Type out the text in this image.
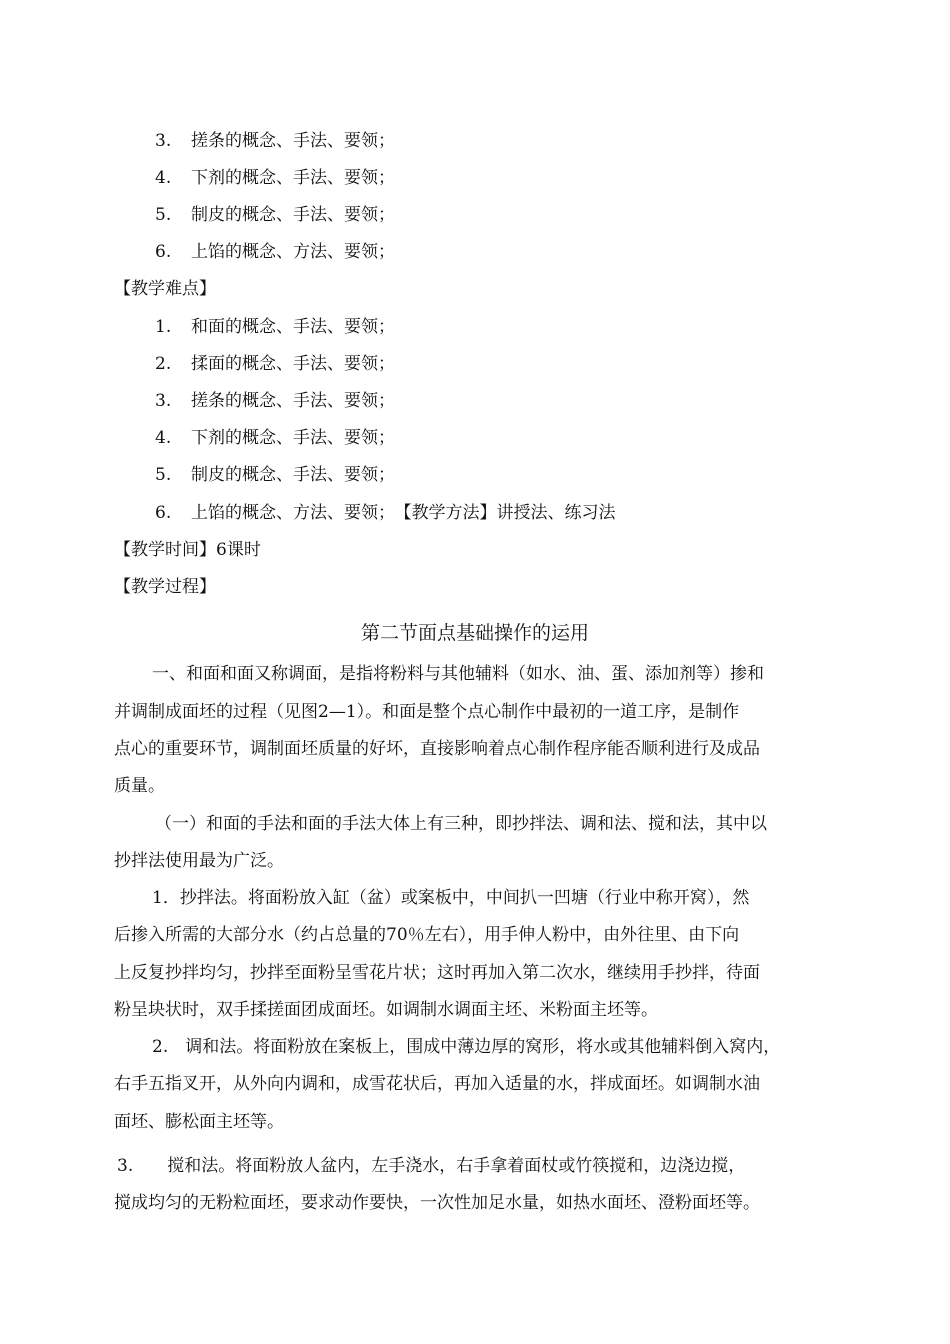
3. 搓条的概念、手法、要领；
4. 下剂的概念、手法、要领；
5. 制皮的概念、手法、要领；
6. 上馅的概念、方法、要领；
【教学难点】
1. 和面的概念、手法、要领；
2. 揉面的概念、手法、要领；
3. 搓条的概念、手法、要领；
4. 下剂的概念、手法、要领；
5. 制皮的概念、手法、要领；
6. 上馅的概念、方法、要领； 【教学方法】讲授法、练习法
【教学时间】6课时
【教学过程】
第二节面点基础操作的运用
一、和面和面又称调面，是指将粉料与其他辅料（如水、油、蛋、添加剂等）掺和
并调制成面坯的过程（见图2—1）。和面是整个点心制作中最初的一道工序，是制作
点心的重要环节，调制面坯质量的好坏，直接影响着点心制作程序能否顺利进行及成品
质量。
（一）和面的手法和面的手法大体上有三种，即抄拌法、调和法、搅和法，其中以
抄拌法使用最为广泛。
1．抄拌法。将面粉放入缸（盆）或案板中，中间扒一凹塘（行业中称开窝），然
后掺入所需的大部分水（约占总量的70％左右），用手伸人粉中，由外往里、由下向
上反复抄拌均匀，抄拌至面粉呈雪花片状；这时再加入第二次水，继续用手抄拌，待面
粉呈块状时，双手揉搓面团成面坯。如调制水调面主坯、米粉面主坯等。
2.　调和法。将面粉放在案板上，围成中薄边厚的窝形，将水或其他辅料倒入窝内，
右手五指叉开，从外向内调和，成雪花状后，再加入适量的水，拌成面坯。如调制水油
面坯、膨松面主坯等。
3.　　搅和法。将面粉放人盆内，左手浇水，右手拿着面杖或竹筷搅和，边浇边搅，
搅成均匀的无粉粒面坯，要求动作要快，一次性加足水量，如热水面坯、澄粉面坯等。
